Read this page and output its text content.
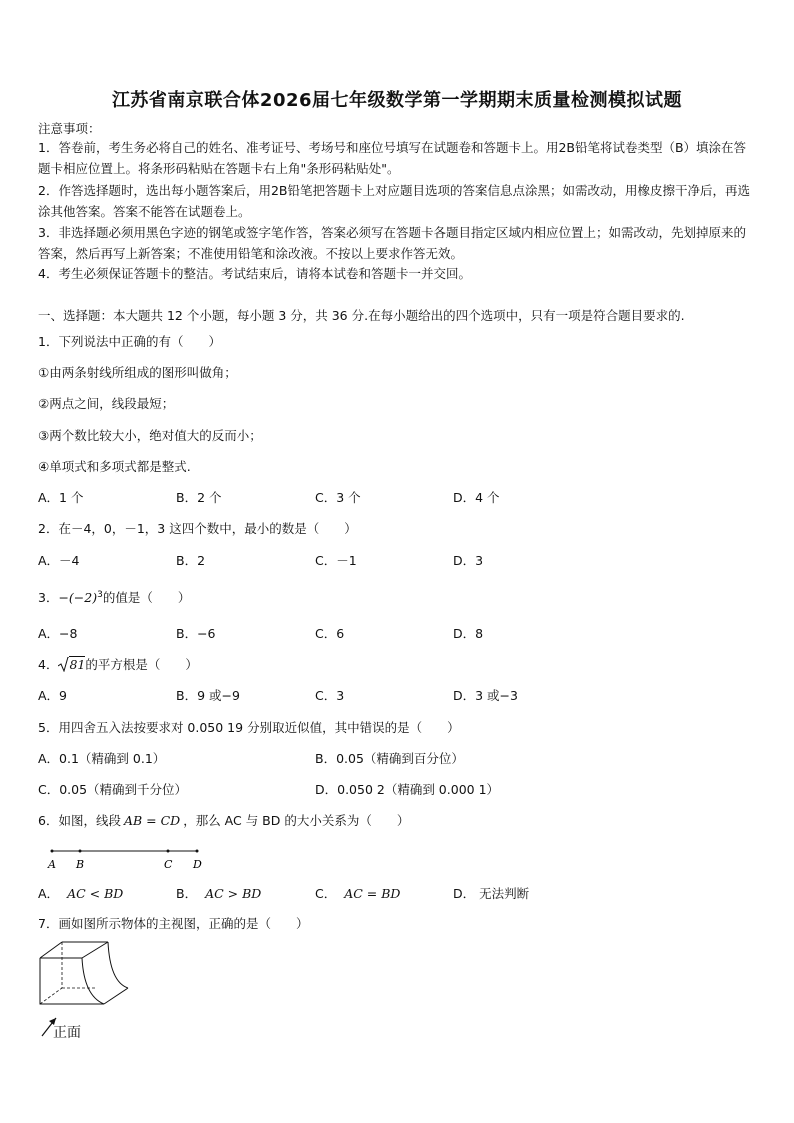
江苏省南京联合体2026届七年级数学第一学期期末质量检测模拟试题
注意事项：
1．答卷前，考生务必将自己的姓名、准考证号、考场号和座位号填写在试题卷和答题卡上。用2B铅笔将试卷类型（B）填涂在答题卡相应位置上。将条形码粘贴在答题卡右上角"条形码粘贴处"。
2．作答选择题时，选出每小题答案后，用2B铅笔把答题卡上对应题目选项的答案信息点涂黑；如需改动，用橡皮擦干净后，再选涂其他答案。答案不能答在试题卷上。
3．非选择题必须用黑色字迹的钢笔或签字笔作答，答案必须写在答题卡各题目指定区域内相应位置上；如需改动，先划掉原来的答案，然后再写上新答案；不准使用铅笔和涂改液。不按以上要求作答无效。
4．考生必须保证答题卡的整洁。考试结束后，请将本试卷和答题卡一并交回。
一、选择题：本大题共 12 个小题，每小题 3 分，共 36 分.在每小题给出的四个选项中，只有一项是符合题目要求的.
1．下列说法中正确的有（　　）
①由两条射线所组成的图形叫做角；
②两点之间，线段最短；
③两个数比较大小，绝对值大的反而小；
④单项式和多项式都是整式.
A．1 个	B．2 个	C．3 个	D．4 个
2．在－4，0，－1，3 这四个数中，最小的数是（　　）
A．－4	B．2	C．－1	D．3
3．$-(-2)^3$的值是（　　）
A．−8	B．−6	C．6	D．8
4． 81的平方根是（　　）
A．9	B．9 或−9	C．3	D．3 或−3
5．用四舍五入法按要求对 0.050 19 分别取近似值，其中错误的是（　　）
A．0.1（精确到 0.1）	B．0.05（精确到百分位）
C．0.05（精确到千分位）	D．0.050 2（精确到 0.000 1）
6．如图，线段 AB = CD ，那么 AC 与 BD 的大小关系为（　　）
A B	C D
A． AC < BD	B． AC > BD	C． AC = BD	D． 无法判断
7．画如图所示物体的主视图，正确的是（　　）
正面
